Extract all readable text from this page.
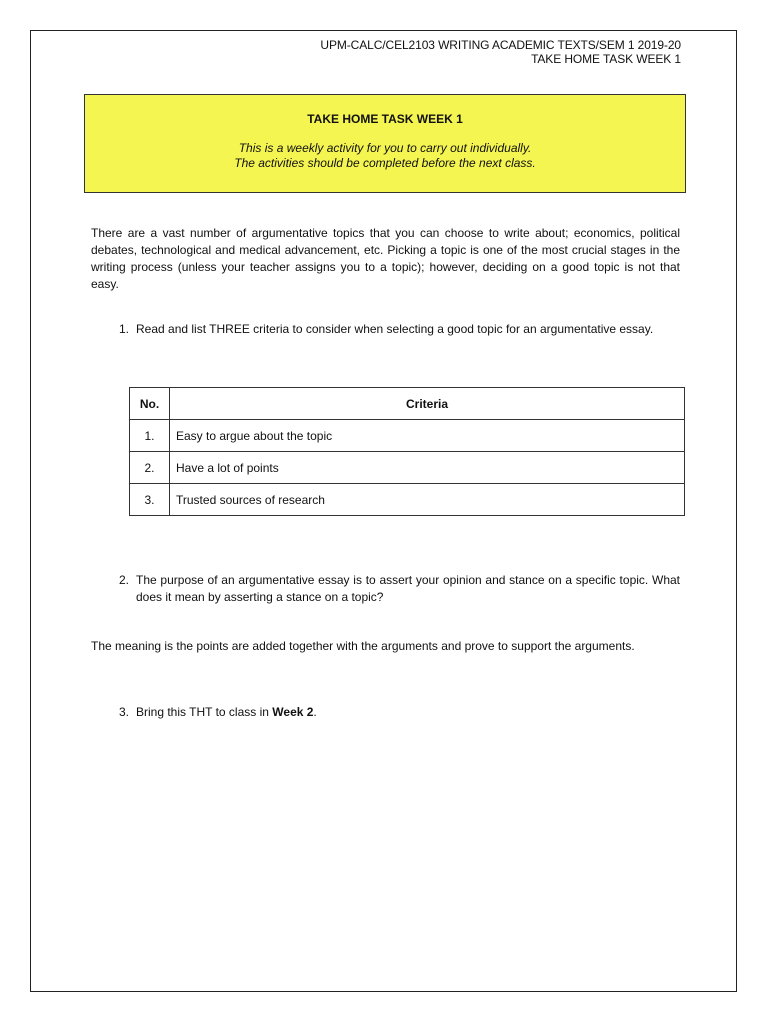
UPM-CALC/CEL2103 WRITING ACADEMIC TEXTS/SEM 1 2019-20
TAKE HOME TASK WEEK 1
TAKE HOME TASK WEEK 1
This is a weekly activity for you to carry out individually.
The activities should be completed before the next class.
There are a vast number of argumentative topics that you can choose to write about; economics, political debates, technological and medical advancement, etc. Picking a topic is one of the most crucial stages in the writing process (unless your teacher assigns you to a topic); however, deciding on a good topic is not that easy.
1. Read and list THREE criteria to consider when selecting a good topic for an argumentative essay.
No.	Criteria
1.	Easy to argue about the topic
2.	Have a lot of points
3.	Trusted sources of research
2. The purpose of an argumentative essay is to assert your opinion and stance on a specific topic. What does it mean by asserting a stance on a topic?
The meaning is the points are added together with the arguments and prove to support the arguments.
3. Bring this THT to class in Week 2.
